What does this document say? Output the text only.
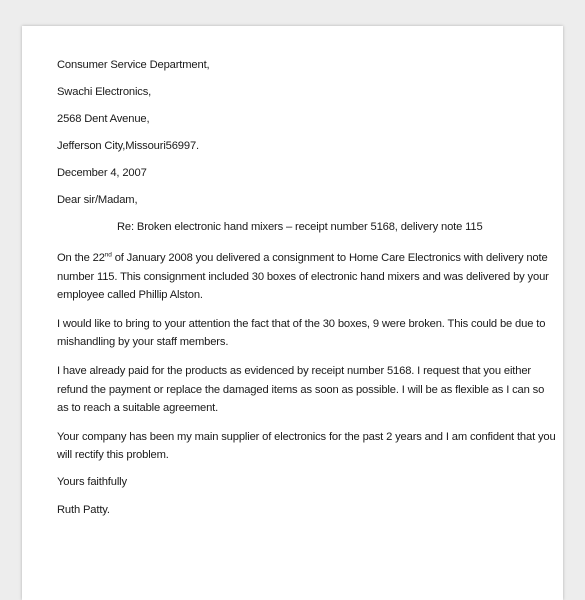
Consumer Service Department,

Swachi Electronics,

2568 Dent Avenue,

Jefferson City,Missouri56997.

December 4, 2007

Dear sir/Madam,

Re: Broken electronic hand mixers – receipt number 5168, delivery note 115

On the 22nd of January 2008 you delivered a consignment to Home Care Electronics with delivery note number 115. This consignment included 30 boxes of electronic hand mixers and was delivered by your employee called Phillip Alston.

I would like to bring to your attention the fact that of the 30 boxes, 9 were broken. This could be due to mishandling by your staff members.

I have already paid for the products as evidenced by receipt number 5168. I request that you either refund the payment or replace the damaged items as soon as possible. I will be as flexible as I can so as to reach a suitable agreement.

Your company has been my main supplier of electronics for the past 2 years and I am confident that you will rectify this problem.

Yours faithfully

Ruth Patty.
